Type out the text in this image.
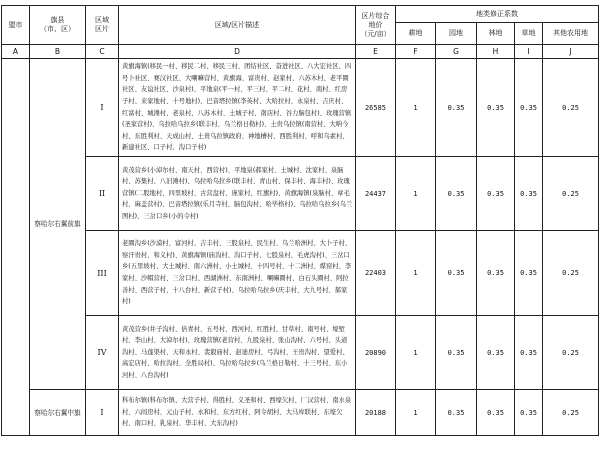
盟市	旗县
（市、区）	区域
区片	区域/区片描述	区片综合
地价
（元/亩）	地类修正系数				
					耕地	园地	林地	草地	其他农用地
A	B	C	D	E	F	G	H	I	J
	察哈尔右翼前旗	I	黄旗海镇(移民一村、移民二村、移民三村、团结社区、奋进社区、八大宏社区、四号卜社区、赛汉社区、大喇嘛营村、黄旗海、富贵村、赵家村、六苏木村、老平圈社区、友谊社区、沙泉村)、平地泉(平一村、平三村、平二村、花村、南村、红房子村、来家地村、十号地村)、巴音塔拉镇(李英村、大哈拉村、永泉村、吉庆村、红富村、城滩村、老泉村、八苏木村、土城子村、南店村、谷力脑包村)、玫瑰营镇(圣家营村)、乌拉哈乌拉乡(联丰村、乌兰格日勒村)、土贵乌拉镇(南营村、大呐今村、东胜利村、天成山村、土贵乌拉镇政府、神地槽村、西胜利村、呼和乌素村、新建社区、口子村、沟口子村)	26585	1	0.35	0.35	0.35	0.25
		II	黄茂营乡(小淖尔村、南天村、西营村)、平地泉(郝家村、土城村、沈家村、泉脑村、苏集村、八旧滩村)、乌拉哈乌拉乡(联丰村、青山村、保丰村、海丰村)、玫瑰营镇(二股地村、四里坡村、古营盘村、庞家村、红旗村)、黄旗海镇(泉脑村、章毛村、麻盖营村)、巴音塔拉镇(乐月寺村、脑包沟村、哈毕格村)、乌拉哈乌拉乡(乌兰图村)、三岔口乡(小的令村)	24437	1	0.35	0.35	0.35	0.25
		III	老圈沟乡(沙漠村、富河村、吉丰村、三股泉村、民生村、乌兰哈洲村、大卜子村、察汗贵村、和义村)、黄旗海镇(庙沟村、沟口子村、七股泉村、毛虎沟村)、三岔口乡(五里坡村、大土城村、南六洲村、小土城村、十四号村、十二洲村、煤窑村、李家村、沙帽营村、三岔口村、西湖洲村、东南洲村、喇嘛圈村、白石头圈村、阿拉善村、西营子村、十八台村、新营子村)、乌拉哈乌拉乡(庆丰村、大九号村、郝家村)	22403	1	0.35	0.35	0.35	0.25
		IV	黄茂营乡(井子沟村、倍青村、五号村、西河村、红胜村、甘草村、南号村、壕堑村、李山村、大淖尔村)、玫瑰营镇(老营村、九股泉村、张山沟村、六号村、头道沟村、马莲渠村、天和永村、裴毅庙村、赵迪房村、弓沟村、王贵沟村、望爱村、高宏店村、哈拉沟村、全胜局村)、乌拉哈乌拉乡(乌兰格日勒村、十三号村、东小河村、八台沟村)	20890	1	0.35	0.35	0.35	0.25
	察哈尔右翼中旗	I	科布尔镇(科布尔镇、大营子村、得胜村、义圣和村、西壕欠村、厂汉营村、南水泉村、六间房村、元山子村、永和村、东方红村、阿令胡村、大马库联村、东壕欠村、南口村、乳泉村、华丰村、大东沟村)	20188	1	0.35	0.35	0.35	0.25
